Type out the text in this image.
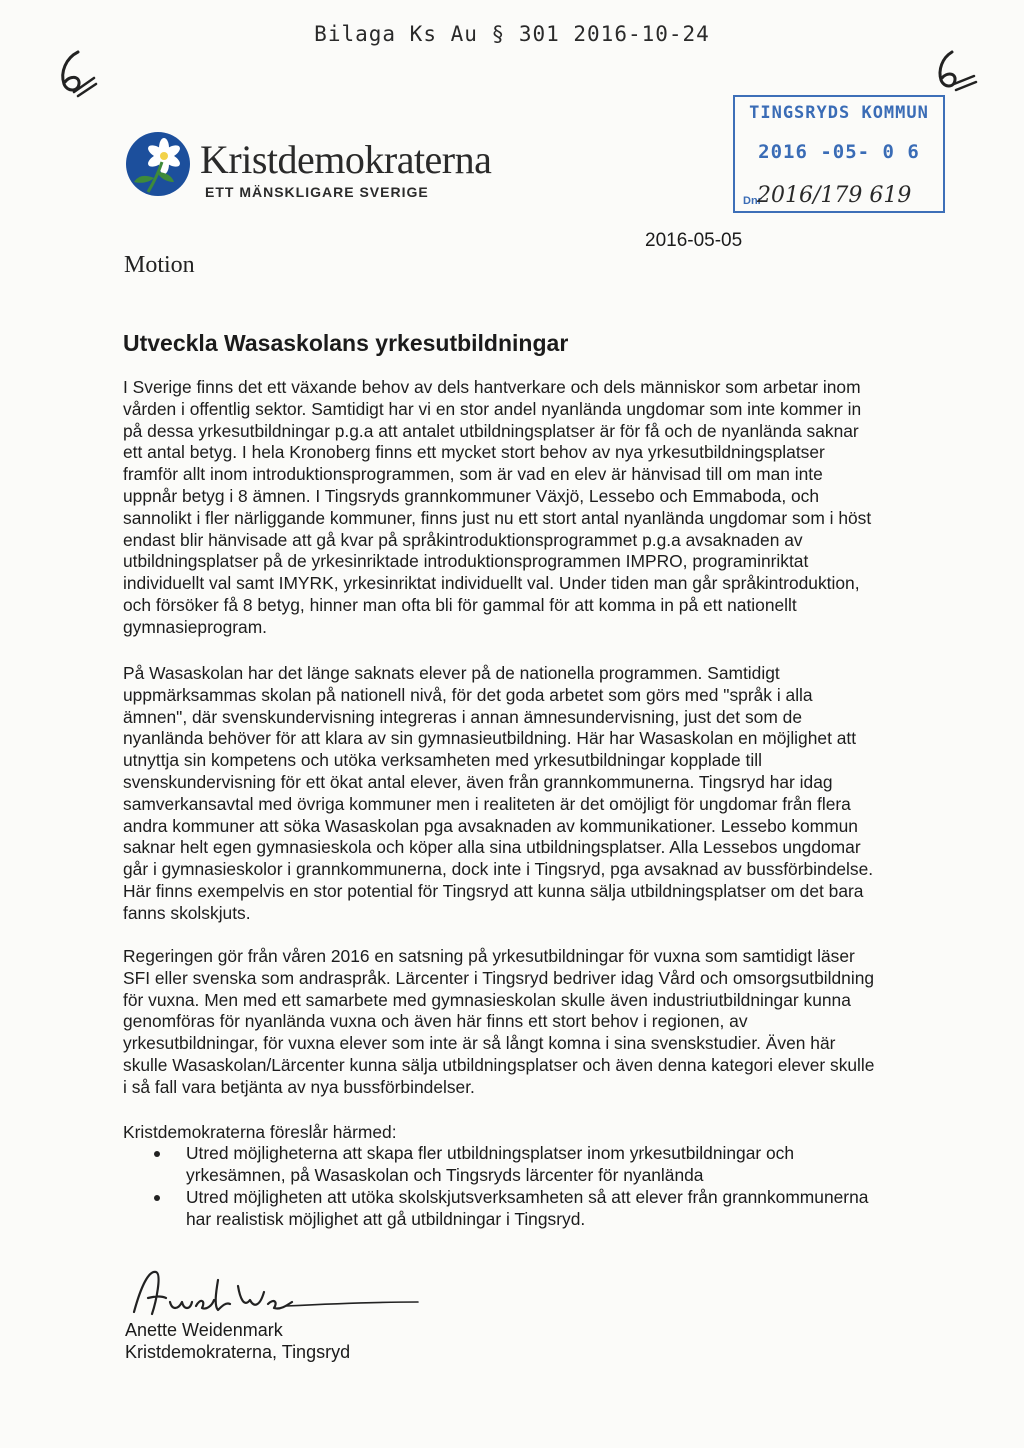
Bilaga Ks Au § 301 2016-10-24
Kristdemokraterna
ETT MÄNSKLIGARE SVERIGE
TINGSRYDS KOMMUN
2016 -05- 0 6
Dnr
2016/179 619
Motion
2016-05-05
Utveckla Wasaskolans yrkesutbildningar

I Sverige finns det ett växande behov av dels hantverkare och dels människor som arbetar inom vården i offentlig sektor. Samtidigt har vi en stor andel nyanlända ungdomar som inte kommer in på dessa yrkesutbildningar p.g.a att antalet utbildningsplatser är för få och de nyanlända saknar ett antal betyg. I hela Kronoberg finns ett mycket stort behov av nya yrkesutbildningsplatser framför allt inom introduktionsprogrammen, som är vad en elev är hänvisad till om man inte uppnår betyg i 8 ämnen. I Tingsryds grannkommuner Växjö, Lessebo och Emmaboda, och sannolikt i fler närliggande kommuner, finns just nu ett stort antal nyanlända ungdomar som i höst endast blir hänvisade att gå kvar på språkintroduktionsprogrammet p.g.a avsaknaden av utbildningsplatser på de yrkesinriktade introduktionsprogrammen IMPRO, programinriktat individuellt val samt IMYRK, yrkesinriktat individuellt val. Under tiden man går språkintroduktion, och försöker få 8 betyg, hinner man ofta bli för gammal för att komma in på ett nationellt gymnasieprogram.

På Wasaskolan har det länge saknats elever på de nationella programmen. Samtidigt uppmärksammas skolan på nationell nivå, för det goda arbetet som görs med "språk i alla ämnen", där svenskundervisning integreras i annan ämnesundervisning, just det som de nyanlända behöver för att klara av sin gymnasieutbildning. Här har Wasaskolan en möjlighet att utnyttja sin kompetens och utöka verksamheten med yrkesutbildningar kopplade till svenskundervisning för ett ökat antal elever, även från grannkommunerna. Tingsryd har idag samverkansavtal med övriga kommuner men i realiteten är det omöjligt för ungdomar från flera andra kommuner att söka Wasaskolan pga avsaknaden av kommunikationer. Lessebo kommun saknar helt egen gymnasieskola och köper alla sina utbildningsplatser. Alla Lessebos ungdomar går i gymnasieskolor i grannkommunerna, dock inte i Tingsryd, pga avsaknad av bussförbindelse. Här finns exempelvis en stor potential för Tingsryd att kunna sälja utbildningsplatser om det bara fanns skolskjuts.

Regeringen gör från våren 2016 en satsning på yrkesutbildningar för vuxna som samtidigt läser SFI eller svenska som andraspråk. Lärcenter i Tingsryd bedriver idag Vård och omsorgsutbildning för vuxna. Men med ett samarbete med gymnasieskolan skulle även industriutbildningar kunna genomföras för nyanlända vuxna och även här finns ett stort behov i regionen, av yrkesutbildningar, för vuxna elever som inte är så långt komna i sina svenskstudier. Även här skulle Wasaskolan/Lärcenter kunna sälja utbildningsplatser och även denna kategori elever skulle i så fall vara betjänta av nya bussförbindelser.

Kristdemokraterna föreslår härmed:

Utred möjligheterna att skapa fler utbildningsplatser inom yrkesutbildningar och yrkesämnen, på Wasaskolan och Tingsryds lärcenter för nyanlända
Utred möjligheten att utöka skolskjutsverksamheten så att elever från grannkommunerna har realistisk möjlighet att gå utbildningar i Tingsryd.
Anette Weidenmark
Kristdemokraterna, Tingsryd
